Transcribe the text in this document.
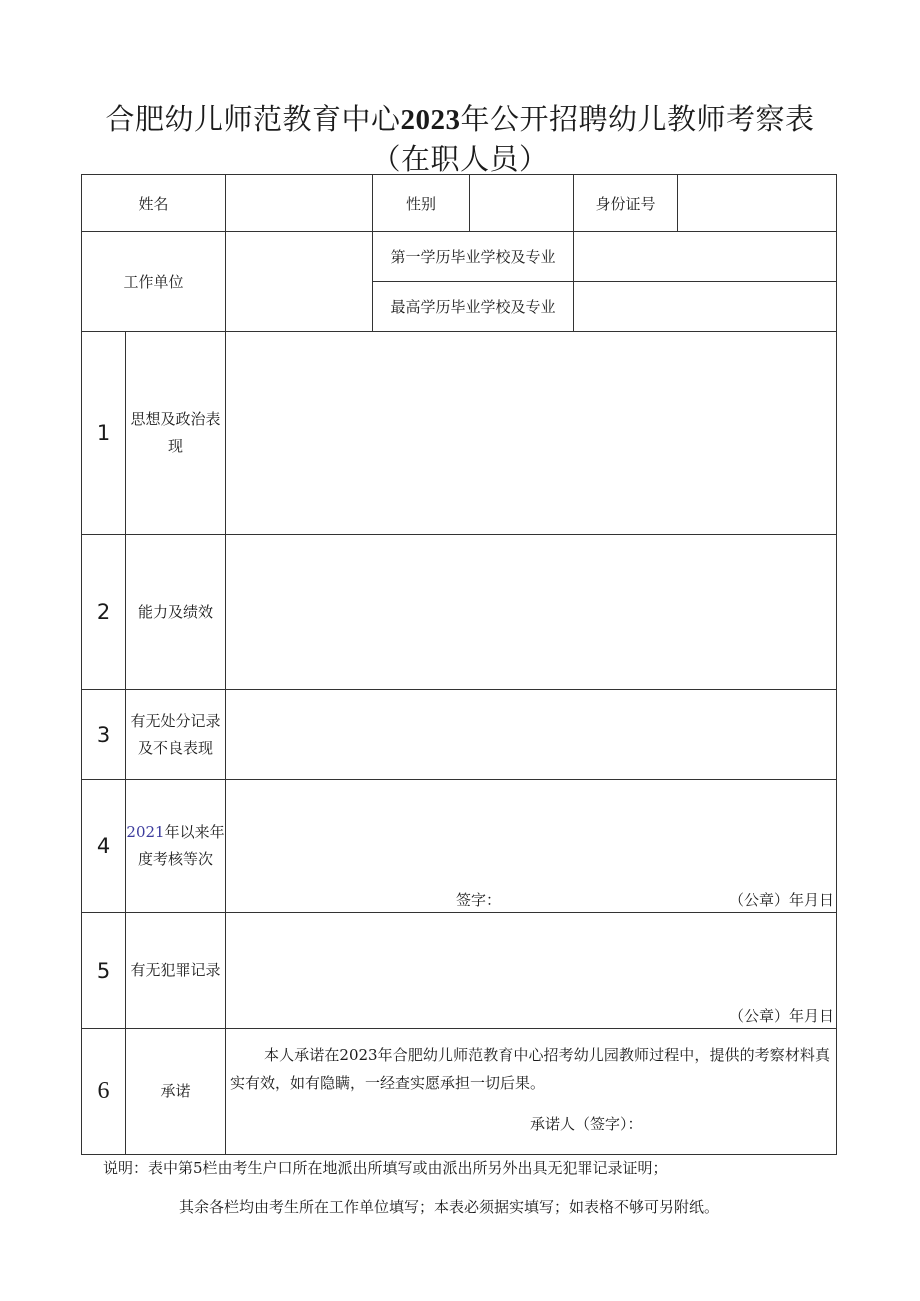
合肥幼儿师范教育中心2023年公开招聘幼儿教师考察表
（在职人员）
姓名			性别		身份证号	
工作单位			第一学历毕业学校及专业			
			最高学历毕业学校及专业			
1	思想及政治表
现					
2	能力及绩效					
3	有无处分记录
及不良表现					
4	2021年以来年
度考核等次	签字： （公章）年月日				

5	有无犯罪记录	（公章）年月日				

6	承诺	本人承诺在2023年合肥幼儿师范教育中心招考幼儿园教师过程中，提供的考察材料真实有效，如有隐瞒，一经查实愿承担一切后果。
承诺人（签字）：				
说明：表中第5栏由考生户口所在地派出所填写或由派出所另外出具无犯罪记录证明；
其余各栏均由考生所在工作单位填写；本表必须据实填写；如表格不够可另附纸。
